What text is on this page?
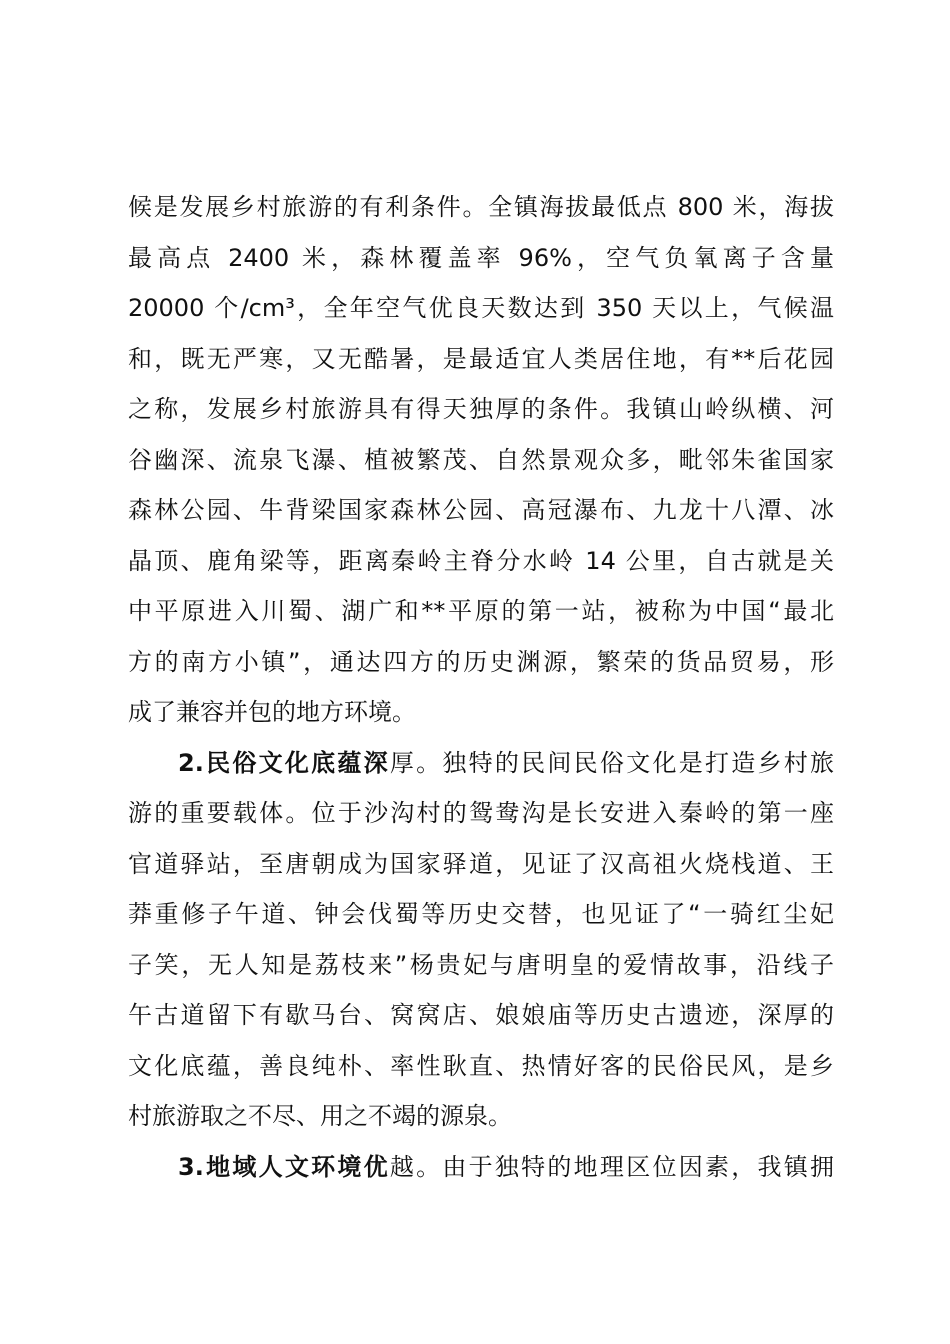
候是发展乡村旅游的有利条件。全镇海拔最低点 800 米，海拔
最高点 2400 米，森林覆盖率 96%，空气负氧离子含量
20000 个/cm³，全年空气优良天数达到 350 天以上，气候温
和，既无严寒，又无酷暑，是最适宜人类居住地，有**后花园
之称，发展乡村旅游具有得天独厚的条件。我镇山岭纵横、河
谷幽深、流泉飞瀑、植被繁茂、自然景观众多，毗邻朱雀国家
森林公园、牛背梁国家森林公园、高冠瀑布、九龙十八潭、冰
晶顶、鹿角梁等，距离秦岭主脊分水岭 14 公里，自古就是关
中平原进入川蜀、湖广和**平原的第一站，被称为中国“最北
方的南方小镇”，通达四方的历史渊源，繁荣的货品贸易，形
成了兼容并包的地方环境。
2.民俗文化底蕴深厚。独特的民间民俗文化是打造乡村旅
游的重要载体。位于沙沟村的鸳鸯沟是长安进入秦岭的第一座
官道驿站，至唐朝成为国家驿道，见证了汉高祖火烧栈道、王
莽重修子午道、钟会伐蜀等历史交替，也见证了“一骑红尘妃
子笑，无人知是荔枝来”杨贵妃与唐明皇的爱情故事，沿线子
午古道留下有歇马台、窝窝店、娘娘庙等历史古遗迹，深厚的
文化底蕴，善良纯朴、率性耿直、热情好客的民俗民风，是乡
村旅游取之不尽、用之不竭的源泉。
3.地域人文环境优越。由于独特的地理区位因素，我镇拥
